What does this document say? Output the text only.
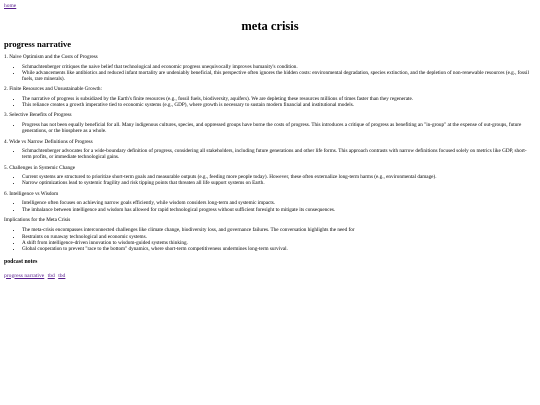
home
meta crisis
progress narrative
1. Naive Optimism and the Costs of Progress
• Schmachtenberger critiques the naive belief that technological and economic progress unequivocally improves humanity's condition.
• While advancements like antibiotics and reduced infant mortality are undeniably beneficial, this perspective often ignores the hidden costs: environmental degradation, species extinction, and the depletion of non-renewable resources (e.g., fossil fuels, rare minerals).
2. Finite Resources and Unsustainable Growth:
• The narrative of progress is subsidized by the Earth's finite resources (e.g., fossil fuels, biodiversity, aquifers). We are depleting these resources millions of times faster than they regenerate.
• This reliance creates a growth imperative tied to economic systems (e.g., GDP), where growth is necessary to sustain modern financial and institutional models.
3. Selective Benefits of Progress
• Progress has not been equally beneficial for all. Many indigenous cultures, species, and oppressed groups have borne the costs of progress. This introduces a critique of progress as benefiting an "in-group" at the expense of out-groups, future generations, or the biosphere as a whole.
4. Wide vs Narrow Definitions of Progress
• Schmachtenberger advocates for a wide-boundary definition of progress, considering all stakeholders, including future generations and other life forms. This approach contrasts with narrow definitions focused solely on metrics like GDP, short-term profits, or immediate technological gains.
5. Challenges in Systemic Change
• Current systems are structured to prioritize short-term goals and measurable outputs (e.g., feeding more people today). However, these often externalize long-term harms (e.g., environmental damage).
• Narrow optimizations lead to systemic fragility and risk tipping points that threaten all life support systems on Earth.
6. Intelligence vs Wisdom
• Intelligence often focuses on achieving narrow goals efficiently, while wisdom considers long-term and systemic impacts.
• The imbalance between intelligence and wisdom has allowed for rapid technological progress without sufficient foresight to mitigate its consequences.
Implications for the Meta Crisis
• The meta-crisis encompasses interconnected challenges like climate change, biodiversity loss, and governance failures. The conversation highlights the need for
• Restraints on runaway technological and economic systems.
• A shift from intelligence-driven innovation to wisdom-guided systems thinking.
• Global cooperation to prevent "race to the bottom" dynamics, where short-term competitiveness undermines long-term survival.
podcast notes
progress narrative tbd tbd
